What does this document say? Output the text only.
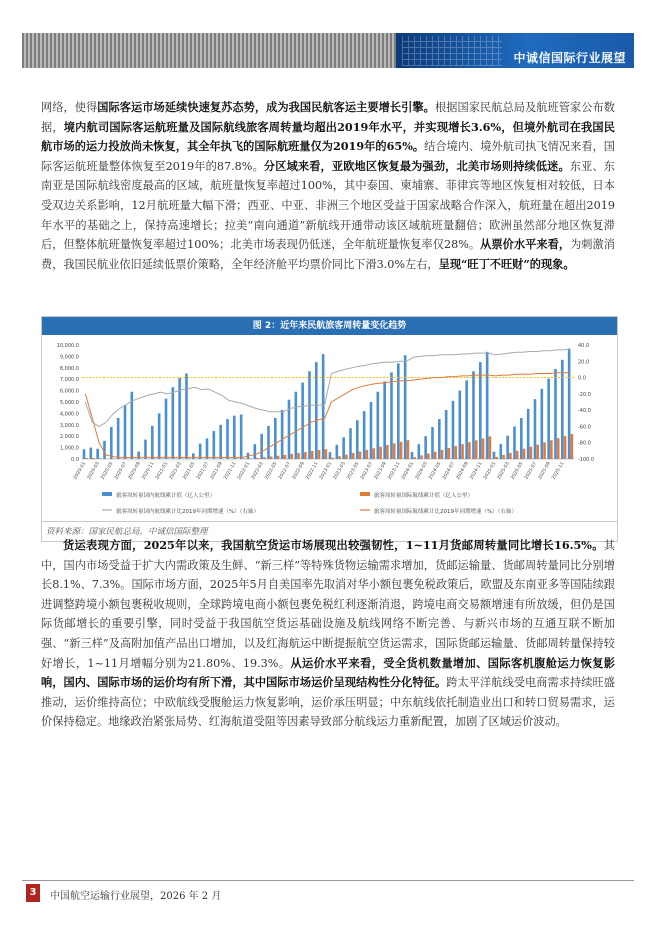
中诚信国际行业展望
网络，使得国际客运市场延续快速复苏态势，成为我国民航客运主要增长引擎。根据国家民航总局及航班管家公布数据，境内航司国际客运航班量及国际航线旅客周转量均超出2019年水平，并实现增长3.6%，但境外航司在我国民航市场的运力投放尚未恢复，其全年执飞的国际航班量仅为2019年的65%。结合境内、境外航司执飞情况来看，国际客运航班量整体恢复至2019年的87.8%。分区域来看，亚欧地区恢复最为强劲，北美市场则持续低迷。东亚、东南亚是国际航线密度最高的区域，航班量恢复率超过100%，其中泰国、柬埔寨、菲律宾等地区恢复相对较低，日本受双边关系影响，12月航班量大幅下滑；西亚、中亚、非洲三个地区受益于国家战略合作深入，航班量在超出2019年水平的基础之上，保持高速增长；拉美“南向通道”新航线开通带动该区域航班量翻倍；欧洲虽然部分地区恢复滞后，但整体航班量恢复率超过100%；北美市场表现仍低迷，全年航班量恢复率仅28%。从票价水平来看，为刺激消费，我国民航业依旧延续低票价策略，全年经济舱平均票价同比下滑3.0%左右，呈现“旺丁不旺财”的现象。
图 2：近年来民航旅客周转量变化趋势
0.0
1,000.0
2,000.0
3,000.0
4,000.0
5,000.0
6,000.0
7,000.0
8,000.0
9,000.0
10,000.0
-100.0
-80.0
-60.0
-40.0
-20.0
0.0
20.0
40.0
2020-01 2020-03 2020-05 2020-07 2020-09 2020-11 2021-01 2021-03 2021-05 2021-07 2021-09 2021-11 2022-01 2022-03 2022-05 2022-07 2022-09 2022-11 2023-01 2023-03 2023-05 2023-07 2023-09 2023-11 2024-01 2024-03 2024-05 2024-07 2024-09 2024-11 2025-01 2025-03 2025-05 2025-07 2025-09 2025-11
旅客周转量国内航线累计值（亿人公里）	旅客周转量国际航线累计值（亿人公里）
旅客周转量国内航线累计比2019年同期增速（%）（右轴）	旅客周转量国际航线累计比2019年同期增速（%）（右轴）
资料来源：国家民航总局，中诚信国际整理
货运表现方面，2025年以来，我国航空货运市场展现出较强韧性，1~11月货邮周转量同比增长16.5%。其中，国内市场受益于扩大内需政策及生鲜、“新三样”等特殊货物运输需求增加，货邮运输量、货邮周转量同比分别增长8.1%、7.3%。国际市场方面，2025年5月自美国率先取消对华小额包裹免税政策后，欧盟及东南亚多等国陆续跟进调整跨境小额包裹税收规则，全球跨境电商小额包裹免税红利逐渐消退，跨境电商交易额增速有所放缓，但仍是国际货邮增长的重要引擎，同时受益于我国航空货运基础设施及航线网络不断完善、与新兴市场的互通互联不断加强、“新三样”及高附加值产品出口增加，以及红海航运中断提振航空货运需求，国际货邮运输量、货邮周转量保持较好增长，1~11月增幅分别为21.80%、19.3%。从运价水平来看，受全货机数量增加、国际客机腹舱运力恢复影响，国内、国际市场的运价均有所下滑，其中国际市场运价呈现结构性分化特征。跨太平洋航线受电商需求持续旺盛推动，运价维持高位；中欧航线受腹舱运力恢复影响，运价承压明显；中东航线依托制造业出口和转口贸易需求，运价保持稳定。地缘政治紧张局势、红海航道受阻等因素导致部分航线运力重新配置，加剧了区域运价波动。
3	中国航空运输行业展望，2026 年 2 月
